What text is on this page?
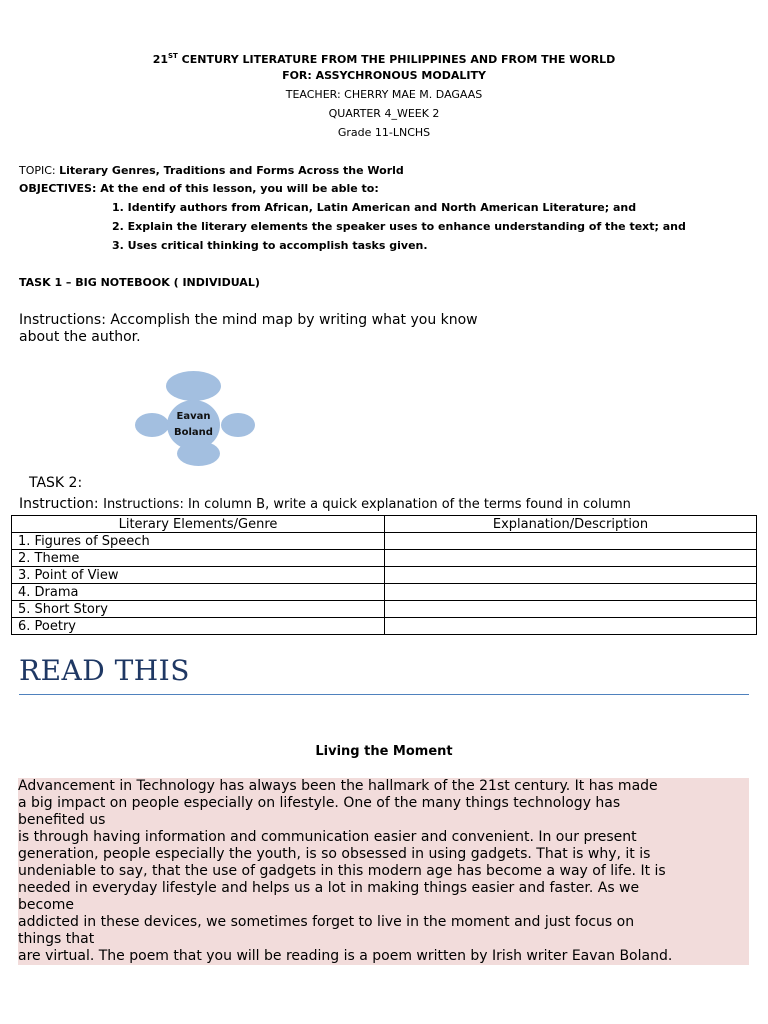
21ST CENTURY LITERATURE FROM THE PHILIPPINES AND FROM THE WORLD
FOR: ASSYCHRONOUS MODALITY
TEACHER: CHERRY MAE M. DAGAAS
QUARTER 4_WEEK 2
Grade 11-LNCHS
TOPIC: Literary Genres, Traditions and Forms Across the World
OBJECTIVES: At the end of this lesson, you will be able to:
1. Identify authors from African, Latin American and North American Literature; and
2. Explain the literary elements the speaker uses to enhance understanding of the text; and
3. Uses critical thinking to accomplish tasks given.
TASK 1 – BIG NOTEBOOK ( INDIVIDUAL)
Instructions: Accomplish the mind map by writing what you know
about the author.
Eavan
Boland
TASK 2:
Instruction: Instructions: In column B, write a quick explanation of the terms found in column
Literary Elements/Genre	Explanation/Description
1. Figures of Speech	
2. Theme	
3. Point of View	
4. Drama	
5. Short Story	
6. Poetry	
READ THIS
Living the Moment
Advancement in Technology has always been the hallmark of the 21st century. It has made
a big impact on people especially on lifestyle. One of the many things technology has
benefited us
is through having information and communication easier and convenient. In our present
generation, people especially the youth, is so obsessed in using gadgets. That is why, it is
undeniable to say, that the use of gadgets in this modern age has become a way of life. It is
needed in everyday lifestyle and helps us a lot in making things easier and faster. As we
become
addicted in these devices, we sometimes forget to live in the moment and just focus on
things that
are virtual. The poem that you will be reading is a poem written by Irish writer Eavan Boland.
